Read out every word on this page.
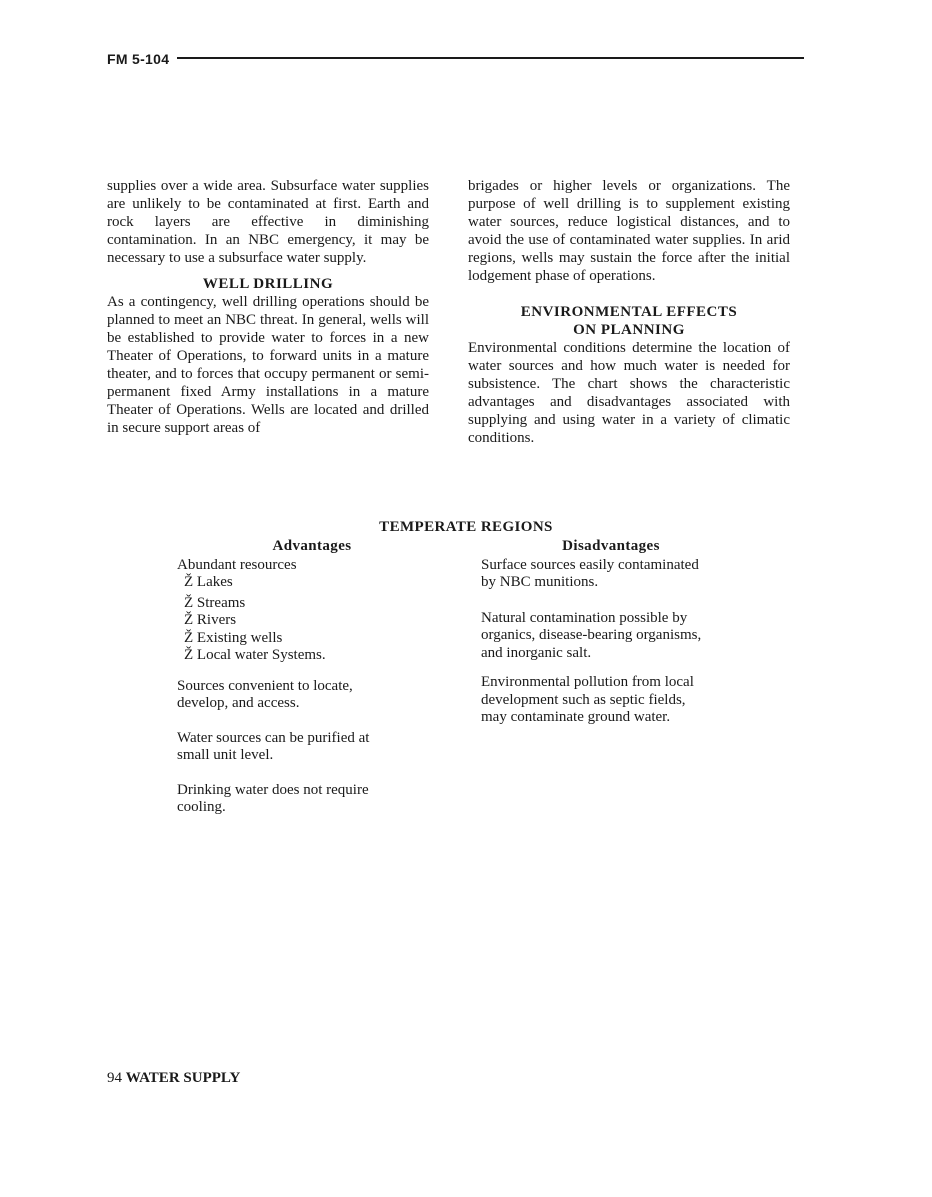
FM 5-104

supplies over a wide area. Subsurface water supplies are unlikely to be contaminated at first. Earth and rock layers are effective in diminishing contamination. In an NBC emergency, it may be necessary to use a subsurface water supply.

WELL DRILLING

As a contingency, well drilling operations should be planned to meet an NBC threat. In general, wells will be established to provide water to forces in a new Theater of Operations, to forward units in a mature theater, and to forces that occupy permanent or semi-permanent fixed Army installations in a mature Theater of Operations. Wells are located and drilled in secure support areas of

brigades or higher levels or organizations. The purpose of well drilling is to supplement existing water sources, reduce logistical distances, and to avoid the use of contaminated water supplies. In arid regions, wells may sustain the force after the initial lodgement phase of operations.

ENVIRONMENTAL EFFECTS
ON PLANNING

Environmental conditions determine the location of water sources and how much water is needed for subsistence. The chart shows the characteristic advantages and disadvantages associated with supplying and using water in a variety of climatic conditions.

TEMPERATE REGIONS
Advantages

Abundant resources

Ž Lakes

Ž Streams

Ž Rivers

Ž Existing wells

Ž Local water Systems.

Sources convenient to locate, develop, and access.

Water sources can be purified at small unit level.

Drinking water does not require cooling.

Disadvantages

Surface sources easily contaminated by NBC munitions.

Natural contamination possible by organics, disease-bearing organisms, and inorganic salt.

Environmental pollution from local development such as septic fields, may contaminate ground water.

94 WATER SUPPLY
